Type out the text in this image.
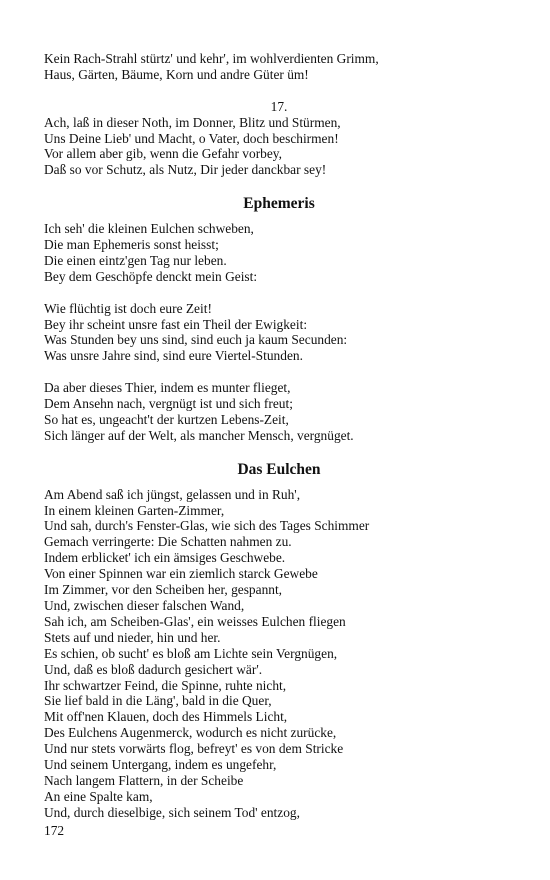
Kein Rach-Strahl stürtz' und kehr', im wohlverdienten Grimm,
Haus, Gärten, Bäume, Korn und andre Güter üm!
17.
Ach, laß in dieser Noth, im Donner, Blitz und Stürmen,
Uns Deine Lieb' und Macht, o Vater, doch beschirmen!
Vor allem aber gib, wenn die Gefahr vorbey,
Daß so vor Schutz, als Nutz, Dir jeder danckbar sey!
Ephemeris
Ich seh' die kleinen Eulchen schweben,
Die man Ephemeris sonst heisst;
Die einen eintz'gen Tag nur leben.
Bey dem Geschöpfe denckt mein Geist:
Wie flüchtig ist doch eure Zeit!
Bey ihr scheint unsre fast ein Theil der Ewigkeit:
Was Stunden bey uns sind, sind euch ja kaum Secunden:
Was unsre Jahre sind, sind eure Viertel-Stunden.
Da aber dieses Thier, indem es munter flieget,
Dem Ansehn nach, vergnügt ist und sich freut;
So hat es, ungeacht't der kurtzen Lebens-Zeit,
Sich länger auf der Welt, als mancher Mensch, vergnüget.
Das Eulchen
Am Abend saß ich jüngst, gelassen und in Ruh',
In einem kleinen Garten-Zimmer,
Und sah, durch's Fenster-Glas, wie sich des Tages Schimmer
Gemach verringerte: Die Schatten nahmen zu.
Indem erblicket' ich ein ämsiges Geschwebe.
Von einer Spinnen war ein ziemlich starck Gewebe
Im Zimmer, vor den Scheiben her, gespannt,
Und, zwischen dieser falschen Wand,
Sah ich, am Scheiben-Glas', ein weisses Eulchen fliegen
Stets auf und nieder, hin und her.
Es schien, ob sucht' es bloß am Lichte sein Vergnügen,
Und, daß es bloß dadurch gesichert wär'.
Ihr schwartzer Feind, die Spinne, ruhte nicht,
Sie lief bald in die Läng', bald in die Quer,
Mit off'nen Klauen, doch des Himmels Licht,
Des Eulchens Augenmerck, wodurch es nicht zurücke,
Und nur stets vorwärts flog, befreyt' es von dem Stricke
Und seinem Untergang, indem es ungefehr,
Nach langem Flattern, in der Scheibe
An eine Spalte kam,
Und, durch dieselbige, sich seinem Tod' entzog,
172
